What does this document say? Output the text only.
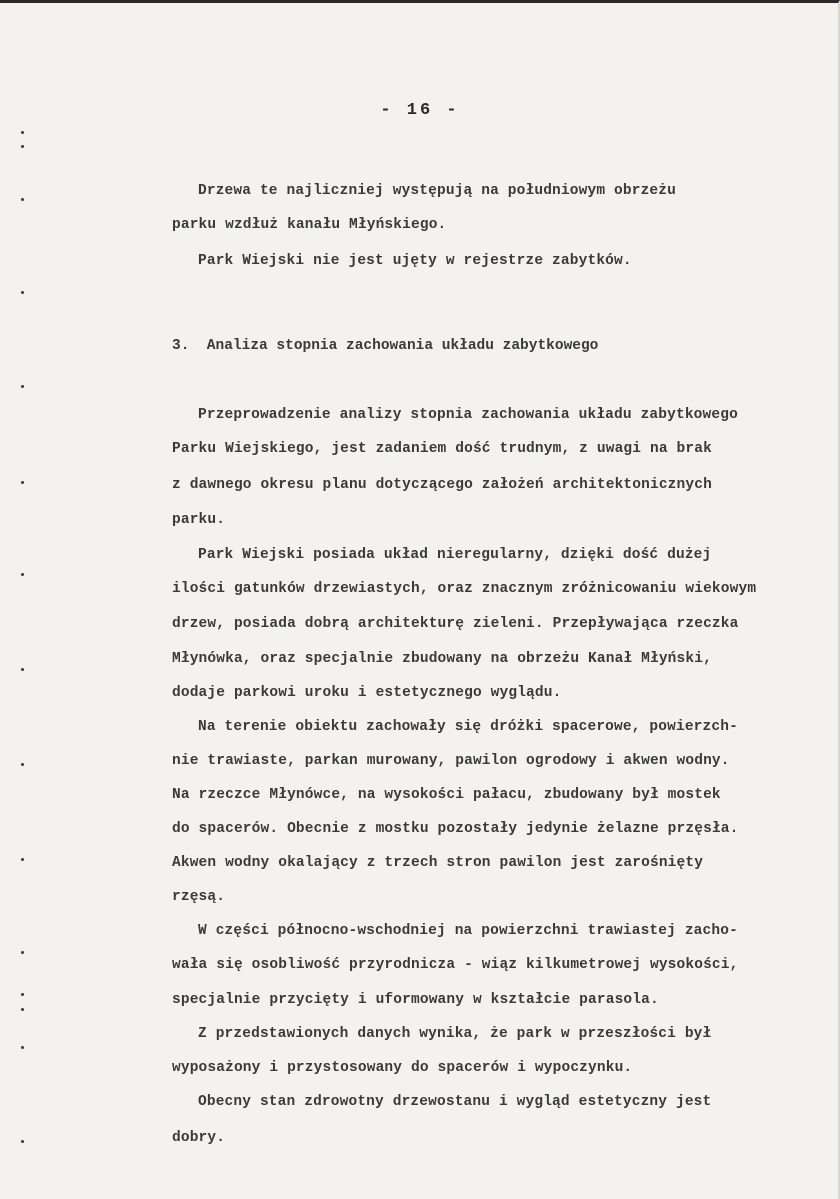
- 16 -
Drzewa te najliczniej występują na południowym obrzeżu
parku wzdłuż kanału Młyńskiego.
Park Wiejski nie jest ujęty w rejestrze zabytków.
3.  Analiza stopnia zachowania układu zabytkowego
Przeprowadzenie analizy stopnia zachowania układu zabytkowego
Parku Wiejskiego, jest zadaniem dość trudnym, z uwagi na brak
z dawnego okresu planu dotyczącego założeń architektonicznych
parku.
Park Wiejski posiada układ nieregularny, dzięki dość dużej
ilości gatunków drzewiastych, oraz znacznym zróżnicowaniu wiekowym
drzew, posiada dobrą architekturę zieleni. Przepływająca rzeczka
Młynówka, oraz specjalnie zbudowany na obrzeżu Kanał Młyński,
dodaje parkowi uroku i estetycznego wyglądu.
Na terenie obiektu zachowały się dróżki spacerowe, powierzch-
nie trawiaste, parkan murowany, pawilon ogrodowy i akwen wodny.
Na rzeczce Młynówce, na wysokości pałacu, zbudowany był mostek
do spacerów. Obecnie z mostku pozostały jedynie żelazne przęsła.
Akwen wodny okalający z trzech stron pawilon jest zarośnięty
rzęsą.
W części północno-wschodniej na powierzchni trawiastej zacho-
wała się osobliwość przyrodnicza - wiąz kilkumetrowej wysokości,
specjalnie przycięty i uformowany w kształcie parasola.
Z przedstawionych danych wynika, że park w przeszłości był
wyposażony i przystosowany do spacerów i wypoczynku.
Obecny stan zdrowotny drzewostanu i wygląd estetyczny jest
dobry.
